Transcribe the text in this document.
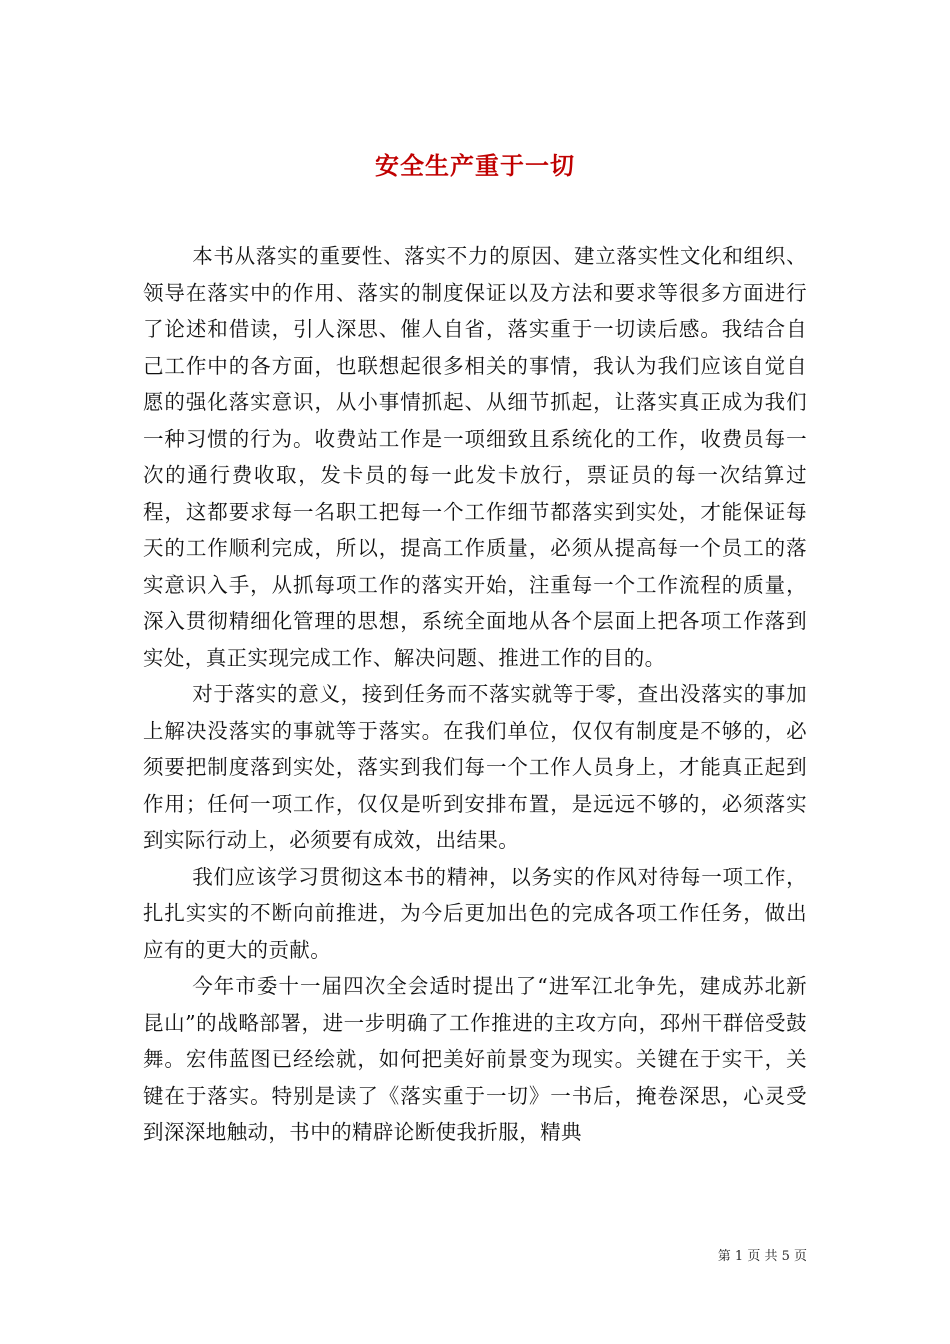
安全生产重于一切

本书从落实的重要性、落实不力的原因、建立落实性文化和组织、领导在落实中的作用、落实的制度保证以及方法和要求等很多方面进行了论述和借读，引人深思、催人自省，落实重于一切读后感。我结合自己工作中的各方面，也联想起很多相关的事情，我认为我们应该自觉自愿的强化落实意识，从小事情抓起、从细节抓起，让落实真正成为我们一种习惯的行为。收费站工作是一项细致且系统化的工作，收费员每一次的通行费收取，发卡员的每一此发卡放行，票证员的每一次结算过程，这都要求每一名职工把每一个工作细节都落实到实处，才能保证每天的工作顺利完成，所以，提高工作质量，必须从提高每一个员工的落实意识入手，从抓每项工作的落实开始，注重每一个工作流程的质量，深入贯彻精细化管理的思想，系统全面地从各个层面上把各项工作落到实处，真正实现完成工作、解决问题、推进工作的目的。

对于落实的意义，接到任务而不落实就等于零，查出没落实的事加上解决没落实的事就等于落实。在我们单位，仅仅有制度是不够的，必须要把制度落到实处，落实到我们每一个工作人员身上，才能真正起到作用；任何一项工作，仅仅是听到安排布置，是远远不够的，必须落实到实际行动上，必须要有成效，出结果。

我们应该学习贯彻这本书的精神，以务实的作风对待每一项工作，扎扎实实的不断向前推进，为今后更加出色的完成各项工作任务，做出应有的更大的贡献。

今年市委十一届四次全会适时提出了“进军江北争先，建成苏北新昆山”的战略部署，进一步明确了工作推进的主攻方向，邳州干群倍受鼓舞。宏伟蓝图已经绘就，如何把美好前景变为现实。关键在于实干，关键在于落实。特别是读了《落实重于一切》一书后，掩卷深思，心灵受到深深地触动，书中的精辟论断使我折服，精典

第 1 页 共 5 页
